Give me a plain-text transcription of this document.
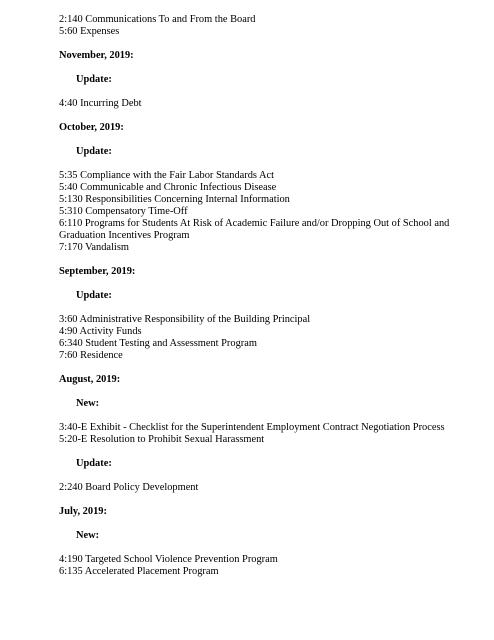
2:140 Communications To and From the Board

5:60 Expenses

November, 2019:

Update:

4:40 Incurring Debt

October, 2019:

Update:

5:35 Compliance with the Fair Labor Standards Act

5:40 Communicable and Chronic Infectious Disease

5:130 Responsibilities Concerning Internal Information

5:310 Compensatory Time-Off

6:110 Programs for Students At Risk of Academic Failure and/or Dropping Out of School and Graduation Incentives Program

7:170 Vandalism

September, 2019:

Update:

3:60 Administrative Responsibility of the Building Principal

4:90 Activity Funds

6:340 Student Testing and Assessment Program

7:60 Residence

August, 2019:

New:

3:40-E Exhibit - Checklist for the Superintendent Employment Contract Negotiation Process

5:20-E Resolution to Prohibit Sexual Harassment

Update:

2:240 Board Policy Development

July, 2019:

New:

4:190 Targeted School Violence Prevention Program

6:135 Accelerated Placement Program
